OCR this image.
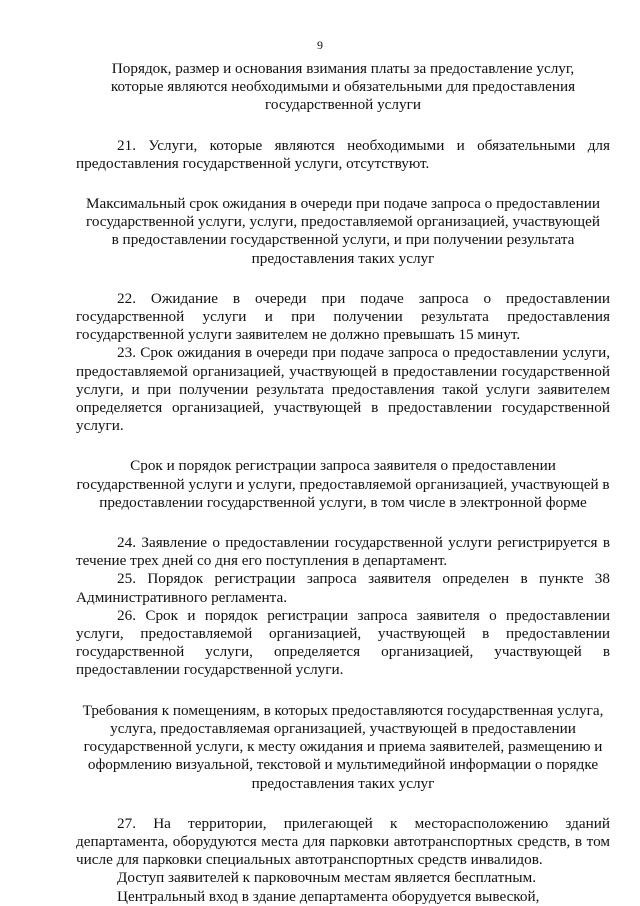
9

Порядок, размер и основания взимания платы за предоставление услуг, которые являются необходимыми и обязательными для предоставления государственной услуги

21. Услуги, которые являются необходимыми и обязательными для предоставления государственной услуги, отсутствуют.

Максимальный срок ожидания в очереди при подаче запроса о предоставлении государственной услуги, услуги, предоставляемой организацией, участвующей в предоставлении государственной услуги, и при получении результата предоставления таких услуг

22. Ожидание в очереди при подаче запроса о предоставлении государственной услуги и при получении результата предоставления государственной услуги заявителем не должно превышать 15 минут.

23. Срок ожидания в очереди при подаче запроса о предоставлении услуги, предоставляемой организацией, участвующей в предоставлении государственной услуги, и при получении результата предоставления такой услуги заявителем определяется организацией, участвующей в предоставлении государственной услуги.

Срок и порядок регистрации запроса заявителя о предоставлении государственной услуги и услуги, предоставляемой организацией, участвующей в предоставлении государственной услуги, в том числе в электронной форме

24. Заявление о предоставлении государственной услуги регистрируется в течение трех дней со дня его поступления в департамент.

25. Порядок регистрации запроса заявителя определен в пункте 38 Административного регламента.

26. Срок и порядок регистрации запроса заявителя о предоставлении услуги, предоставляемой организацией, участвующей в предоставлении государственной услуги, определяется организацией, участвующей в предоставлении государственной услуги.

Требования к помещениям, в которых предоставляются государственная услуга, услуга, предоставляемая организацией, участвующей в предоставлении государственной услуги, к месту ожидания и приема заявителей, размещению и оформлению визуальной, текстовой и мультимедийной информации о порядке предоставления таких услуг

27. На территории, прилегающей к месторасположению зданий департамента, оборудуются места для парковки автотранспортных средств, в том числе для парковки специальных автотранспортных средств инвалидов.

Доступ заявителей к парковочным местам является бесплатным.

Центральный вход в здание департамента оборудуется вывеской,
